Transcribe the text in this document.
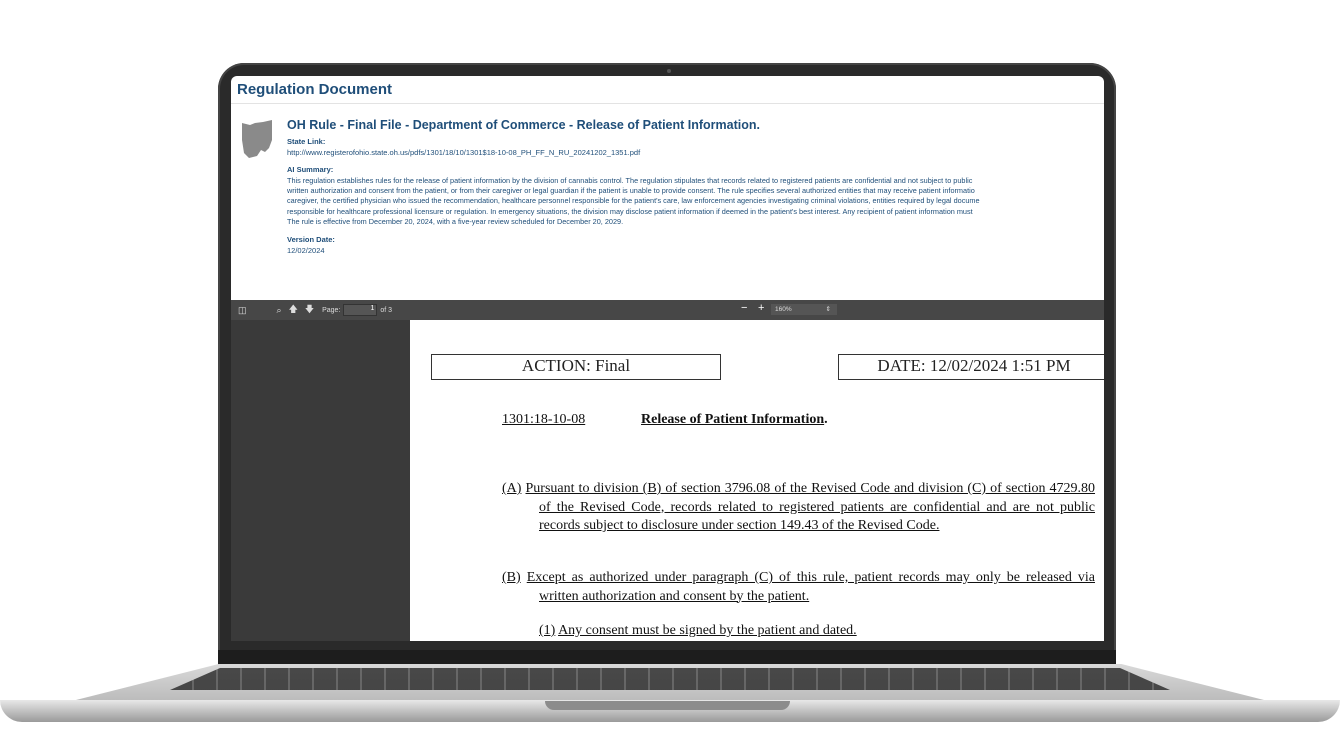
Regulation Document
OH Rule - Final File - Department of Commerce - Release of Patient Information.
State Link:
http://www.registerofohio.state.oh.us/pdfs/1301/18/10/1301$18-10-08_PH_FF_N_RU_20241202_1351.pdf
AI Summary:
This regulation establishes rules for the release of patient information by the division of cannabis control. The regulation stipulates that records related to registered patients are confidential and not subject to public
written authorization and consent from the patient, or from their caregiver or legal guardian if the patient is unable to provide consent. The rule specifies several authorized entities that may receive patient informatio
caregiver, the certified physician who issued the recommendation, healthcare personnel responsible for the patient's care, law enforcement agencies investigating criminal violations, entities required by legal docume
responsible for healthcare professional licensure or regulation. In emergency situations, the division may disclose patient information if deemed in the patient's best interest. Any recipient of patient information must
The rule is effective from December 20, 2024, with a five-year review scheduled for December 20, 2029.
Version Date:
12/02/2024
◫	⌕ 🡅 🡇 Page:	1 of 3	− +	160%	⇕
ACTION: Final	DATE: 12/02/2024 1:51 PM
1301:18-10-08	Release of Patient Information.
(A) Pursuant to division (B) of section 3796.08 of the Revised Code and division (C) of section 4729.80 of the Revised Code, records related to registered patients are confidential and are not public records subject to disclosure under section 149.43 of the Revised Code.
(B) Except as authorized under paragraph (C) of this rule, patient records may only be released via written authorization and consent by the patient.
(1) Any consent must be signed by the patient and dated.
